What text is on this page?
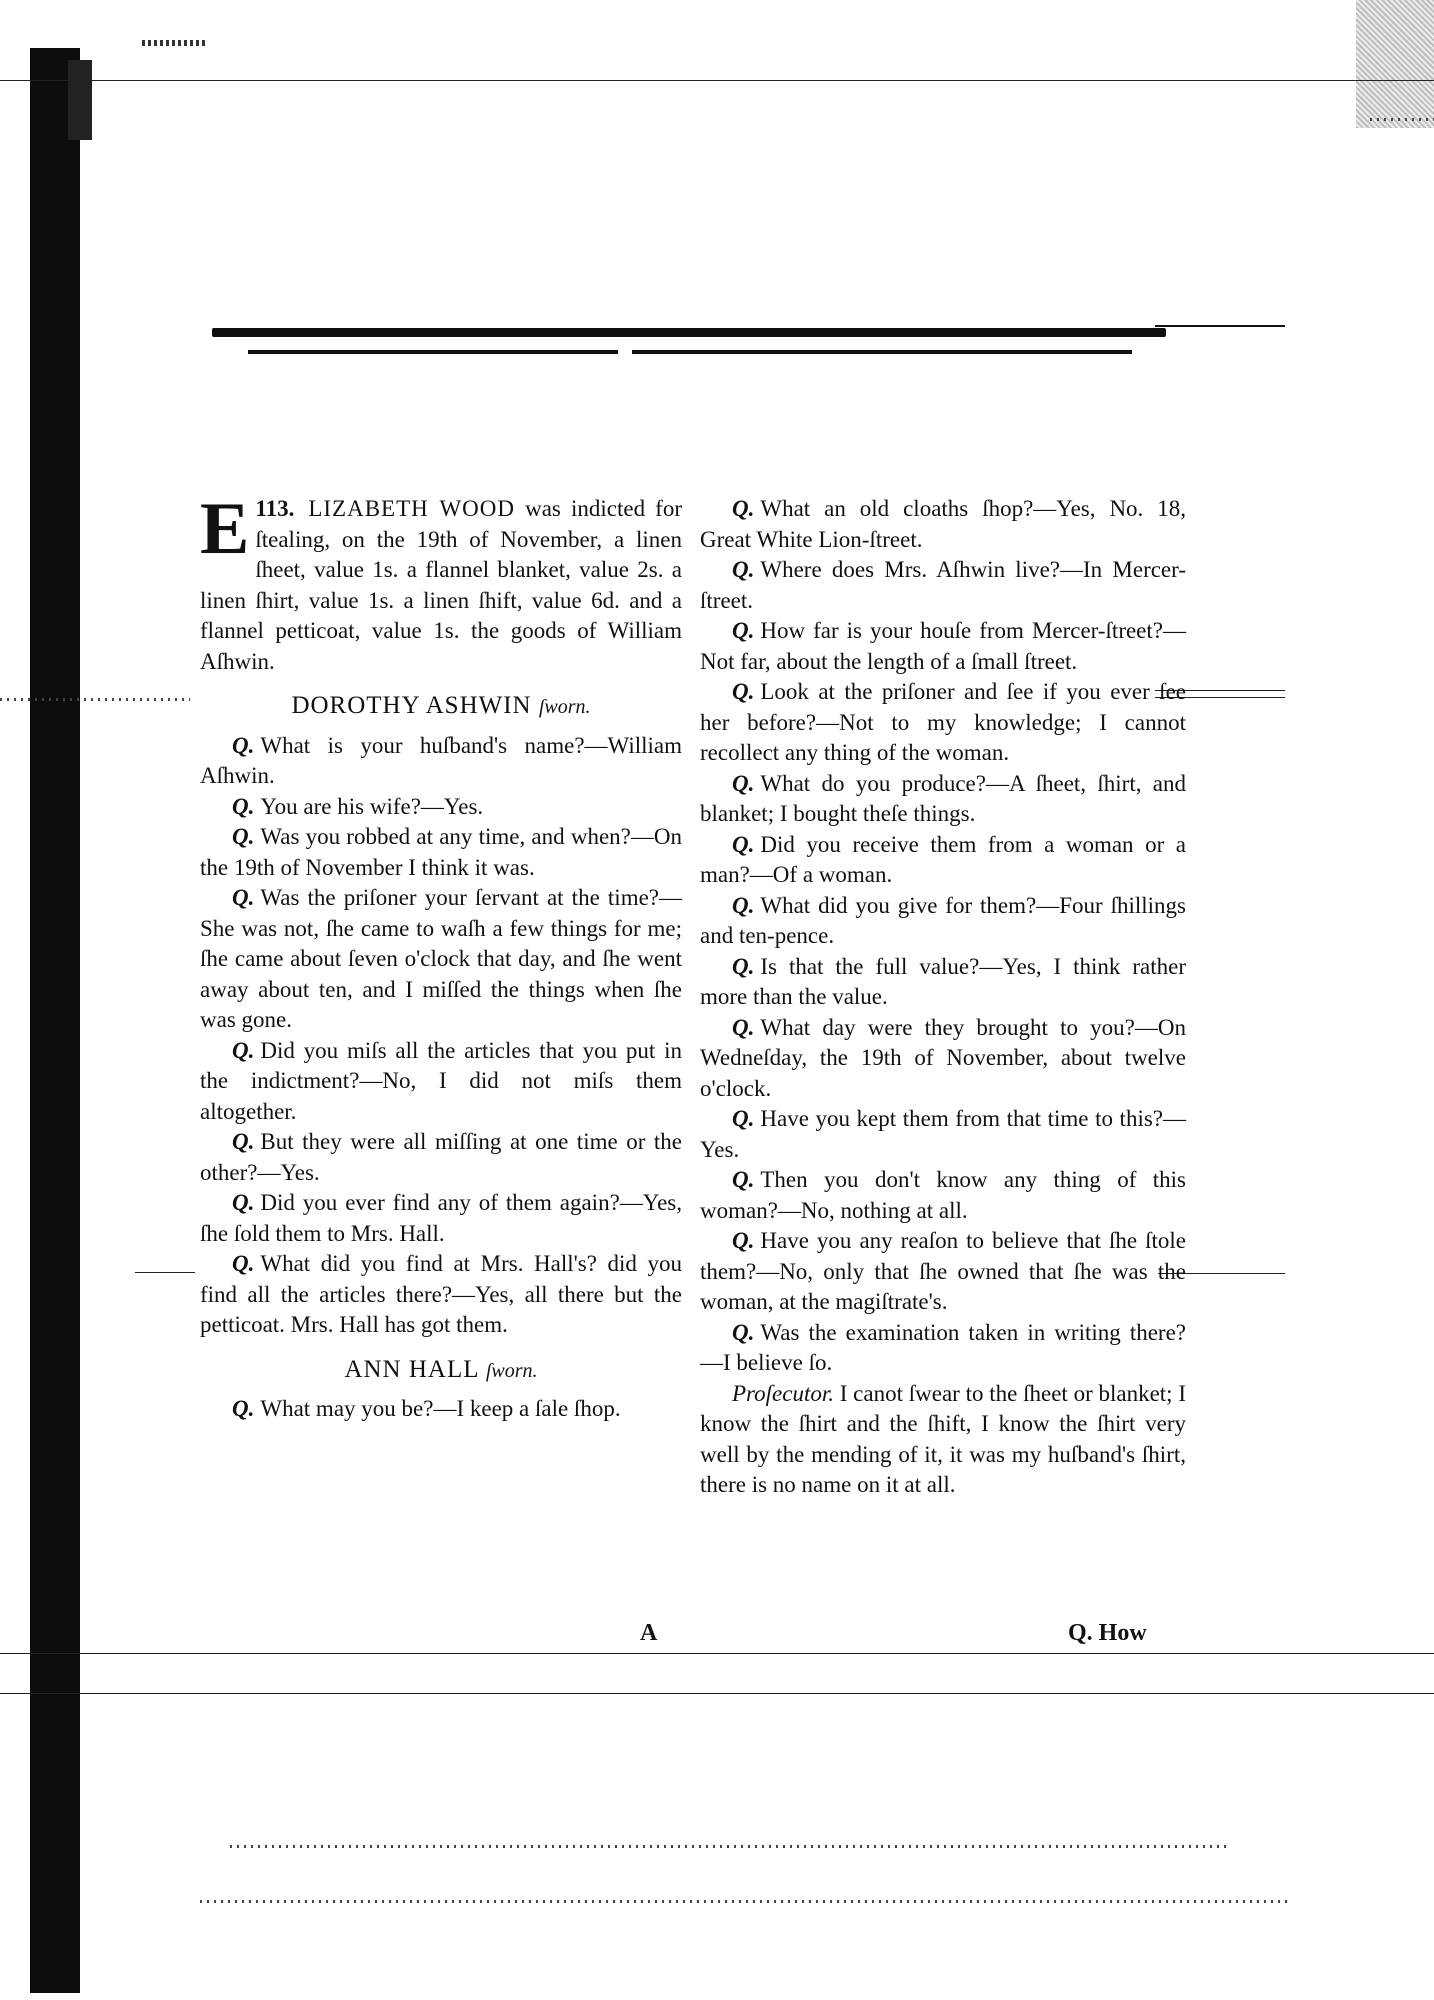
113.
E	LIZABETH WOOD was indicted for ſtealing, on the 19th of November, a linen ſheet, value 1s. a flannel blanket, value 2s. a linen ſhirt, value 1s. a linen ſhift, value 6d. and a flannel petticoat, value 1s. the goods of William Aſhwin.

DOROTHY ASHWIN ſworn.

Q. What is your huſband's name?—William Aſhwin.

Q. You are his wife?—Yes.

Q. Was you robbed at any time, and when?—On the 19th of November I think it was.

Q. Was the priſoner your ſervant at the time?—She was not, ſhe came to waſh a few things for me; ſhe came about ſeven o'clock that day, and ſhe went away about ten, and I miſſed the things when ſhe was gone.

Q. Did you miſs all the articles that you put in the indictment?—No, I did not miſs them altogether.

Q. But they were all miſſing at one time or the other?—Yes.

Q. Did you ever find any of them again?—Yes, ſhe ſold them to Mrs. Hall.

Q. What did you find at Mrs. Hall's? did you find all the articles there?—Yes, all there but the petticoat. Mrs. Hall has got them.

ANN HALL ſworn.

Q. What may you be?—I keep a ſale ſhop.

Q. What an old cloaths ſhop?—Yes, No. 18, Great White Lion-ſtreet.

Q. Where does Mrs. Aſhwin live?—In Mercer-ſtreet.

Q. How far is your houſe from Mercer-ſtreet?—Not far, about the length of a ſmall ſtreet.

Q. Look at the priſoner and ſee if you ever ſee her before?—Not to my knowledge; I cannot recollect any thing of the woman.

Q. What do you produce?—A ſheet, ſhirt, and blanket; I bought theſe things.

Q. Did you receive them from a woman or a man?—Of a woman.

Q. What did you give for them?—Four ſhillings and ten-pence.

Q. Is that the full value?—Yes, I think rather more than the value.

Q. What day were they brought to you?—On Wedneſday, the 19th of November, about twelve o'clock.

Q. Have you kept them from that time to this?—Yes.

Q. Then you don't know any thing of this woman?—No, nothing at all.

Q. Have you any reaſon to believe that ſhe ſtole them?—No, only that ſhe owned that ſhe was the woman, at the magiſtrate's.

Q. Was the examination taken in writing there?—I believe ſo.

Proſecutor. I canot ſwear to the ſheet or blanket; I know the ſhirt and the ſhift, I know the ſhirt very well by the mending of it, it was my huſband's ſhirt, there is no name on it at all.

A	Q. How
